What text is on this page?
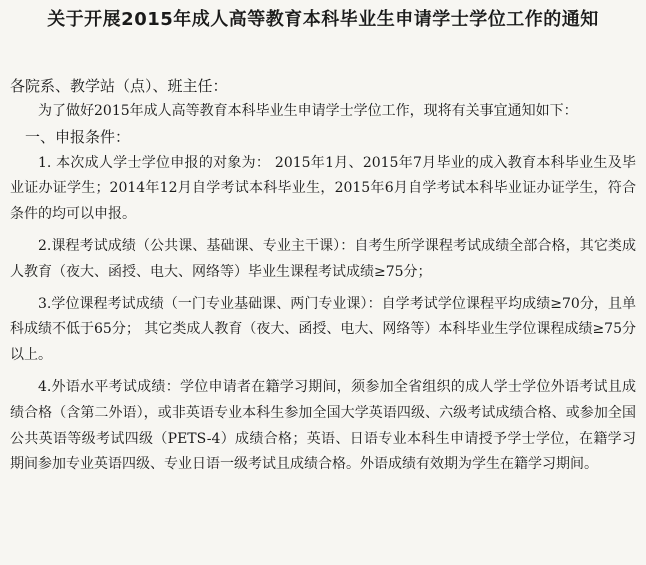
关于开展2015年成人高等教育本科毕业生申请学士学位工作的通知

各院系、教学站（点）、班主任：

为了做好2015年成人高等教育本科毕业生申请学士学位工作，现将有关事宜通知如下：

一、申报条件：

1. 本次成人学士学位申报的对象为： 2015年1月、2015年7月毕业的成入教育本科毕业生及毕业证办证学生；2014年12月自学考试本科毕业生，2015年6月自学考试本科毕业证办证学生，符合条件的均可以申报。

2.课程考试成绩（公共课、基础课、专业主干课）：自考生所学课程考试成绩全部合格，其它类成人教育（夜大、函授、电大、网络等）毕业生课程考试成绩≥75分；

3.学位课程考试成绩（一门专业基础课、两门专业课）：自学考试学位课程平均成绩≥70分，且单科成绩不低于65分； 其它类成人教育（夜大、函授、电大、网络等）本科毕业生学位课程成绩≥75分以上。

4.外语水平考试成绩：学位申请者在籍学习期间，须参加全省组织的成人学士学位外语考试且成绩合格（含第二外语），或非英语专业本科生参加全国大学英语四级、六级考试成绩合格、或参加全国公共英语等级考试四级（PETS-4）成绩合格；英语、日语专业本科生申请授予学士学位，在籍学习期间参加专业英语四级、专业日语一级考试且成绩合格。外语成绩有效期为学生在籍学习期间。
